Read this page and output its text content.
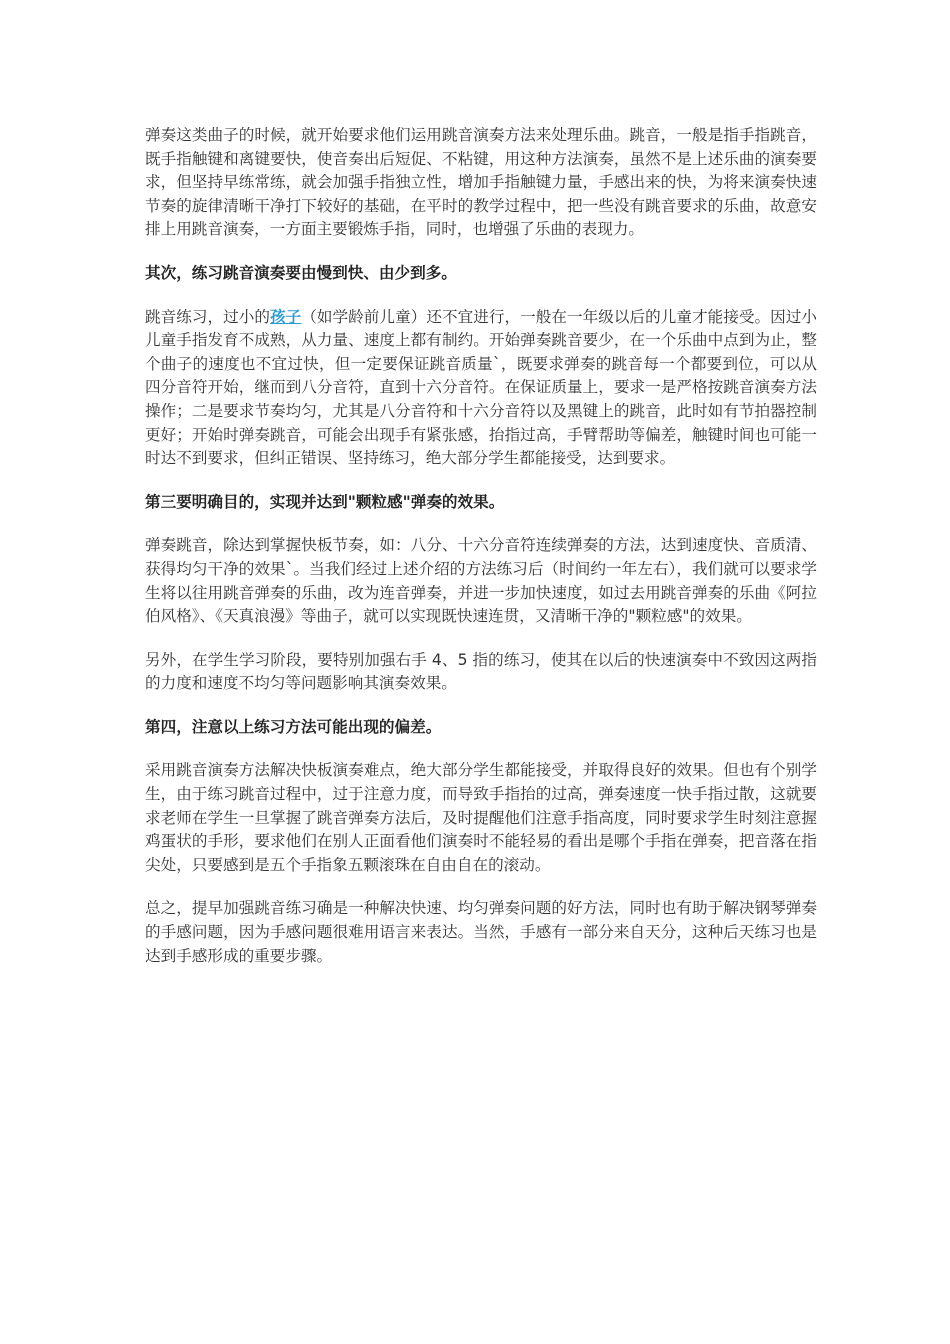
弹奏这类曲子的时候，就开始要求他们运用跳音演奏方法来处理乐曲。跳音，一般是指手指跳音，既手指触键和离键要快，使音奏出后短促、不粘键，用这种方法演奏，虽然不是上述乐曲的演奏要求，但坚持早练常练，就会加强手指独立性，增加手指触键力量，手感出来的快，为将来演奏快速节奏的旋律清晰干净打下较好的基础，在平时的教学过程中，把一些没有跳音要求的乐曲，故意安排上用跳音演奏，一方面主要锻炼手指，同时，也增强了乐曲的表现力。

其次，练习跳音演奏要由慢到快、由少到多。

跳音练习，过小的孩子（如学龄前儿童）还不宜进行，一般在一年级以后的儿童才能接受。因过小儿童手指发育不成熟，从力量、速度上都有制约。开始弹奏跳音要少，在一个乐曲中点到为止，整个曲子的速度也不宜过快，但一定要保证跳音质量`，既要求弹奏的跳音每一个都要到位，可以从四分音符开始，继而到八分音符，直到十六分音符。在保证质量上，要求一是严格按跳音演奏方法操作；二是要求节奏均匀，尤其是八分音符和十六分音符以及黑键上的跳音，此时如有节拍器控制更好；开始时弹奏跳音，可能会出现手有紧张感，抬指过高，手臂帮助等偏差，触键时间也可能一时达不到要求，但纠正错误、坚持练习，绝大部分学生都能接受，达到要求。

第三要明确目的，实现并达到"颗粒感"弹奏的效果。

弹奏跳音，除达到掌握快板节奏，如：八分、十六分音符连续弹奏的方法，达到速度快、音质清、获得均匀干净的效果`。当我们经过上述介绍的方法练习后（时间约一年左右），我们就可以要求学生将以往用跳音弹奏的乐曲，改为连音弹奏，并进一步加快速度，如过去用跳音弹奏的乐曲《阿拉伯风格》、《天真浪漫》等曲子，就可以实现既快速连贯，又清晰干净的"颗粒感"的效果。

另外，在学生学习阶段，要特别加强右手 4、5 指的练习，使其在以后的快速演奏中不致因这两指的力度和速度不均匀等问题影响其演奏效果。

第四，注意以上练习方法可能出现的偏差。

采用跳音演奏方法解决快板演奏难点，绝大部分学生都能接受，并取得良好的效果。但也有个别学生，由于练习跳音过程中，过于注意力度，而导致手指抬的过高，弹奏速度一快手指过散，这就要求老师在学生一旦掌握了跳音弹奏方法后，及时提醒他们注意手指高度，同时要求学生时刻注意握鸡蛋状的手形，要求他们在别人正面看他们演奏时不能轻易的看出是哪个手指在弹奏，把音落在指尖处，只要感到是五个手指象五颗滚珠在自由自在的滚动。

总之，提早加强跳音练习确是一种解决快速、均匀弹奏问题的好方法，同时也有助于解决钢琴弹奏的手感问题，因为手感问题很难用语言来表达。当然，手感有一部分来自天分，这种后天练习也是达到手感形成的重要步骤。
